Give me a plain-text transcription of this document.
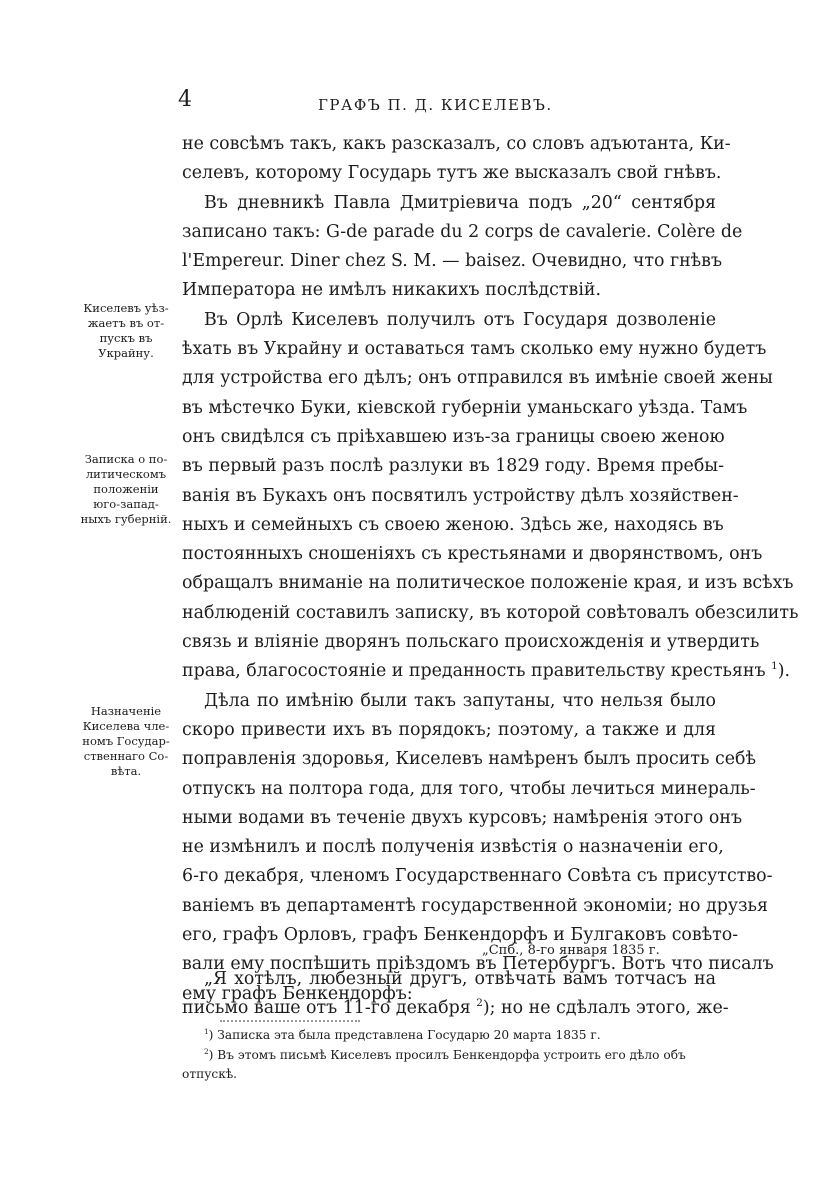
4	ГРАФЪ П. Д. КИСЕЛЕВЪ.
не совсѣмъ такъ, какъ разсказалъ, со словъ адъютанта, Ки-
селевъ, которому Государь тутъ же высказалъ свой гнѣвъ.
Въ дневникѣ Павла Дмитріевича подъ „20“ сентября
записано такъ: G-de parade du 2 corps de cavalerie. Colère de
l'Empereur. Diner chez S. M. — baisez. Очевидно, что гнѣвъ
Императора не имѣлъ никакихъ послѣдствій.
Въ Орлѣ Киселевъ получилъ отъ Государя дозволеніе
ѣхать въ Украйну и оставаться тамъ сколько ему нужно будетъ
для устройства его дѣлъ; онъ отправился въ имѣніе своей жены
въ мѣстечко Буки, кіевской губерніи уманьскаго уѣзда. Тамъ
онъ свидѣлся съ пріѣхавшею изъ-за границы своею женою
въ первый разъ послѣ разлуки въ 1829 году. Время пребы-
ванія въ Букахъ онъ посвятилъ устройству дѣлъ хозяйствен-
ныхъ и семейныхъ съ своею женою. Здѣсь же, находясь въ
постоянныхъ сношеніяхъ съ крестьянами и дворянствомъ, онъ
обращалъ вниманіе на политическое положеніе края, и изъ всѣхъ
наблюденій составилъ записку, въ которой совѣтовалъ обезсилить
связь и вліяніе дворянъ польскаго происхожденія и утвердить
права, благосостояніе и преданность правительству крестьянъ $^1$).
Дѣла по имѣнію были такъ запутаны, что нельзя было
скоро привести ихъ въ порядокъ; поэтому, а также и для
поправленія здоровья, Киселевъ намѣренъ былъ просить себѣ
отпускъ на полтора года, для того, чтобы лечиться минераль-
ными водами въ теченіе двухъ курсовъ; намѣренія этого онъ
не измѣнилъ и послѣ полученія извѣстія о назначеніи его,
6-го декабря, членомъ Государственнаго Совѣта съ присутство-
ваніемъ въ департаментѣ государственной экономіи; но друзья
его, графъ Орловъ, графъ Бенкендорфъ и Булгаковъ совѣто-
вали ему поспѣшить пріѣздомъ въ Петербургъ. Вотъ что писалъ
ему графъ Бенкендорфъ:
Киселевъ уѣз-
жаетъ въ от-
пускъ въ
Украйну.
Записка о по-
литическомъ
положеніи
юго-запад-
ныхъ губерній.
Назначеніе
Киселева чле-
номъ Государ-
ственнаго Со-
вѣта.
„Спб., 8-го января 1835 г.
„Я хотѣлъ, любезный другъ, отвѣчать вамъ тотчасъ на
письмо ваше отъ 11-го декабря $^2$); но не сдѣлалъ этого, же-
$^1$) Записка эта была представлена Государю 20 марта 1835 г.
$^2$) Въ этомъ письмѣ Киселевъ просилъ Бенкендорфа устроить его дѣло объ
отпускѣ.
